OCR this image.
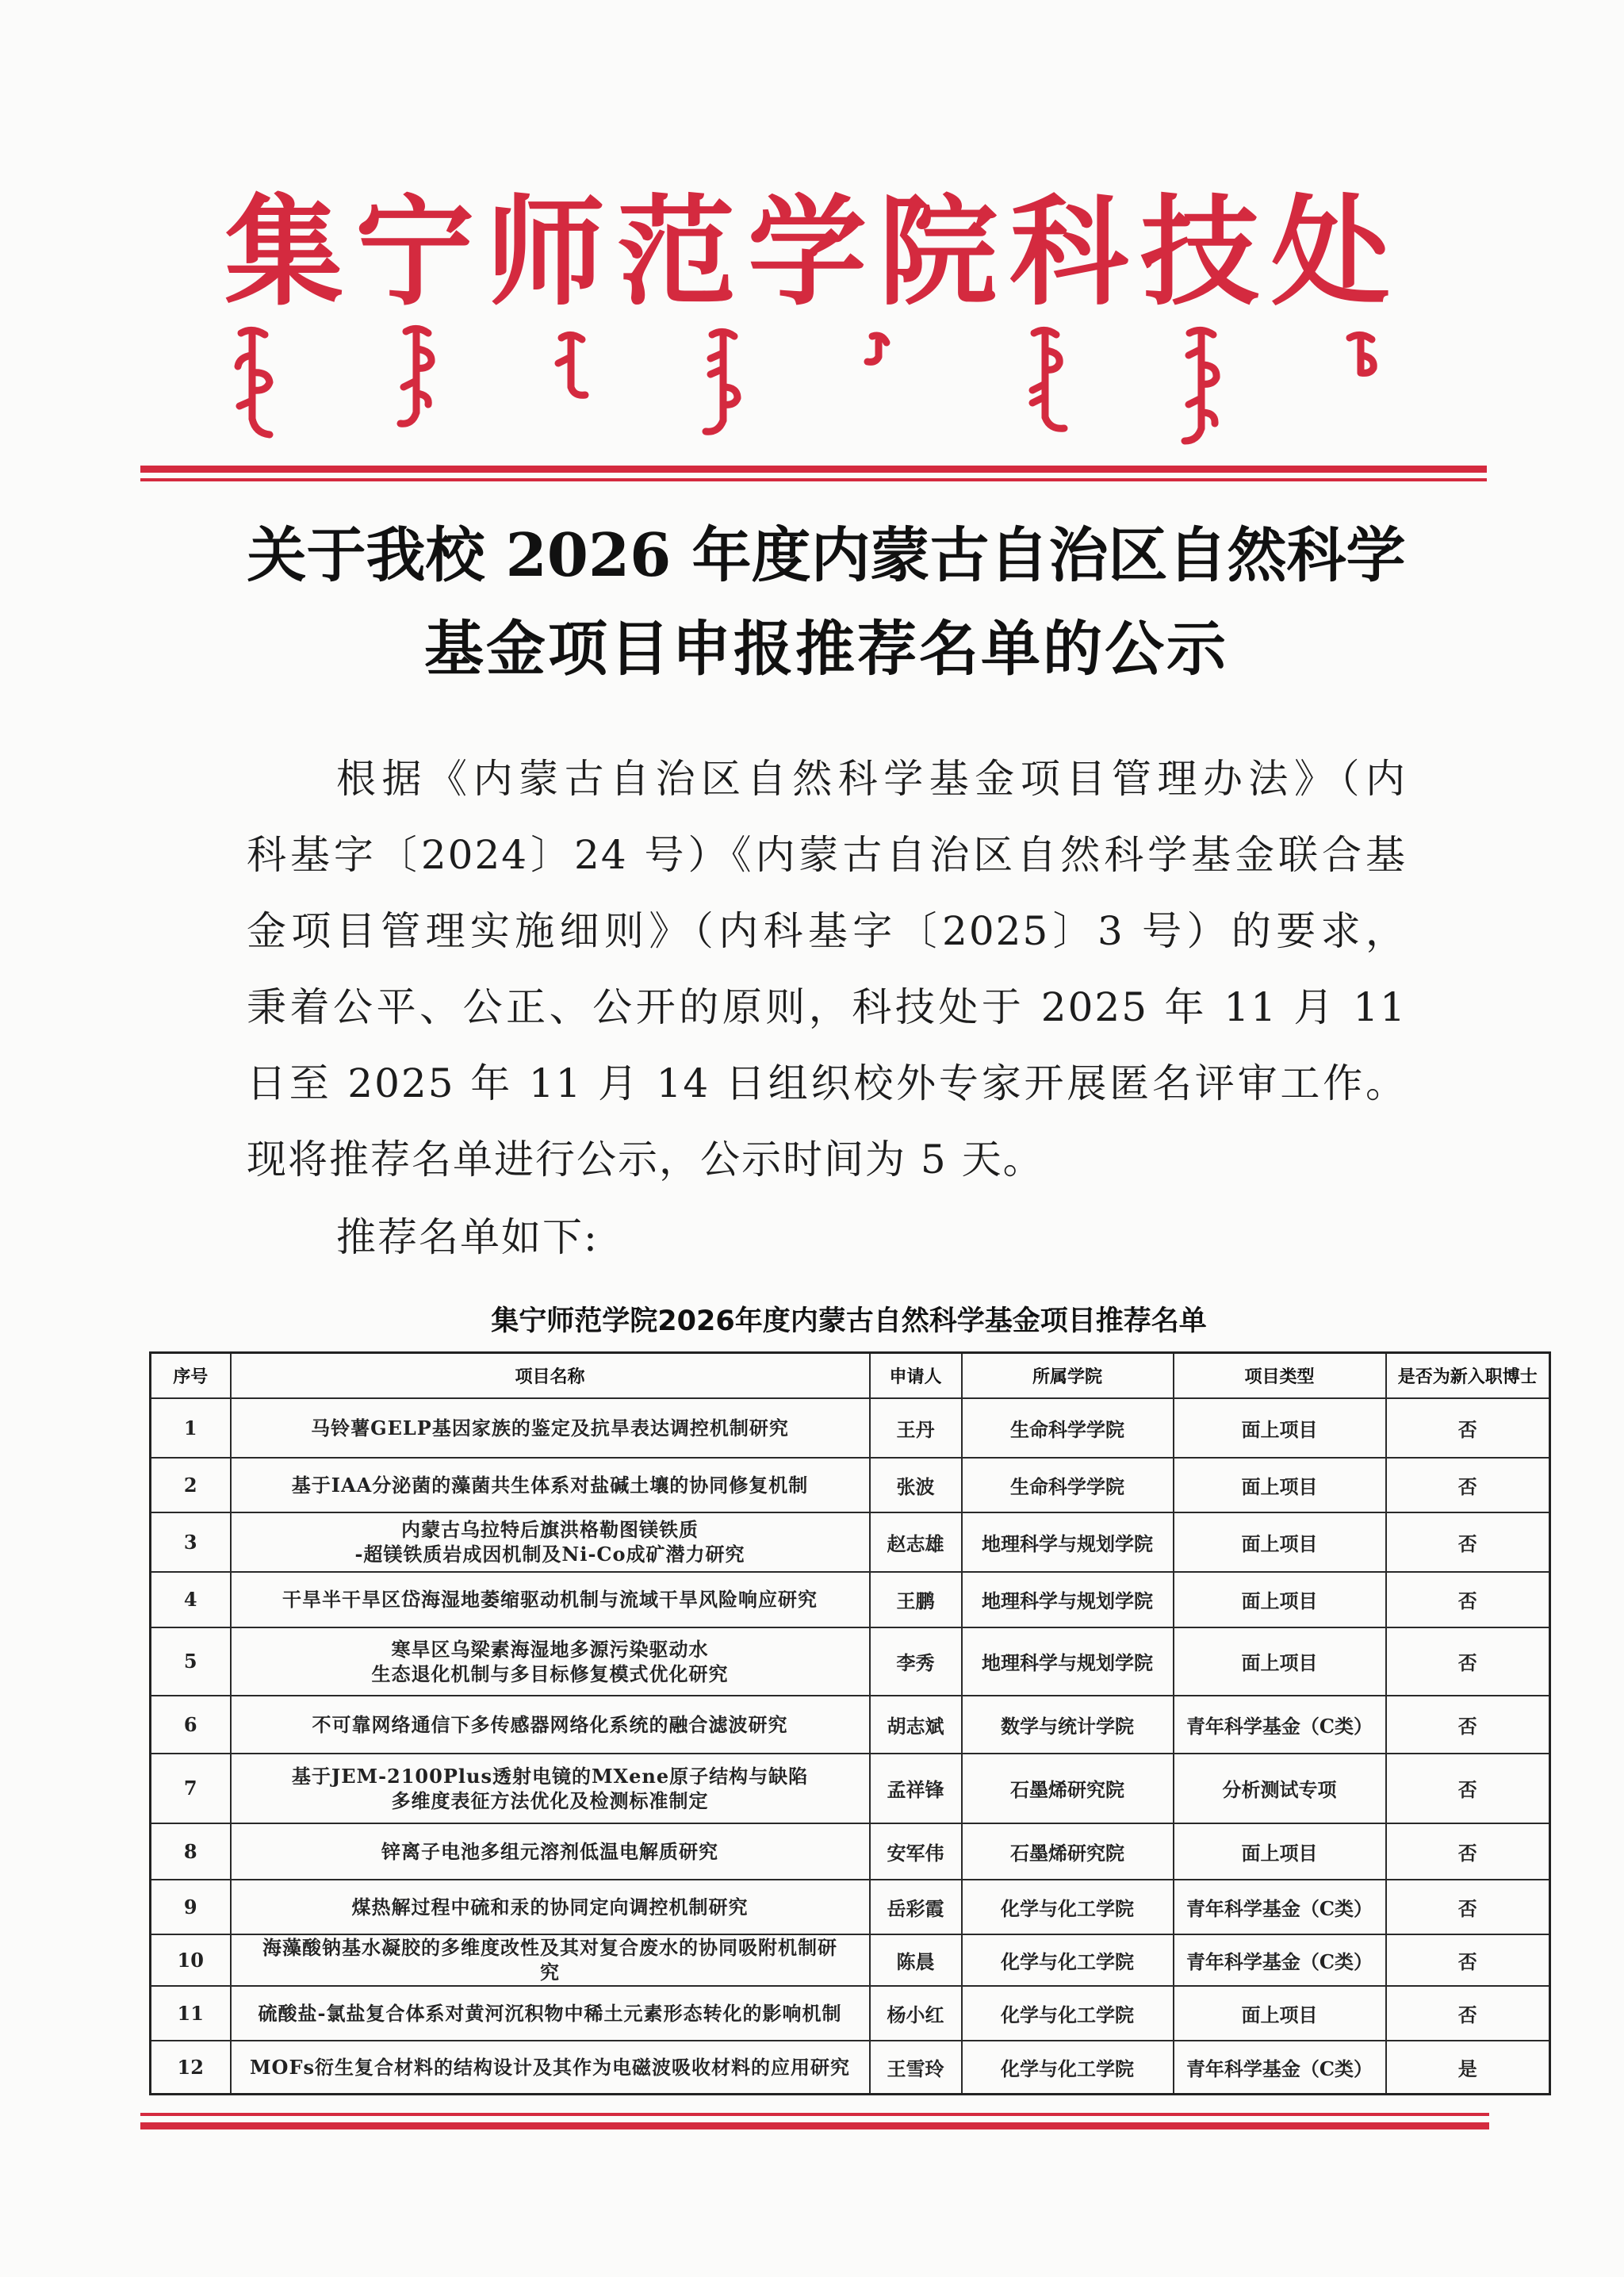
集宁师范学院科技处
关于我校 2026 年度内蒙古自治区自然科学
基金项目申报推荐名单的公示
根据《内蒙古自治区自然科学基金项目管理办法》（内
科基字〔2024〕24 号）《内蒙古自治区自然科学基金联合基
金项目管理实施细则》（内科基字〔2025〕3 号）的要求，
秉着公平、公正、公开的原则，科技处于 2025 年 11 月 11
日至 2025 年 11 月 14 日组织校外专家开展匿名评审工作。
现将推荐名单进行公示，公示时间为 5 天。
推荐名单如下:
集宁师范学院2026年度内蒙古自然科学基金项目推荐名单
序号	项目名称	申请人	所属学院	项目类型	是否为新入职博士
1	马铃薯GELP基因家族的鉴定及抗旱表达调控机制研究	王丹	生命科学学院	面上项目	否
2	基于IAA分泌菌的藻菌共生体系对盐碱土壤的协同修复机制	张波	生命科学学院	面上项目	否
3	内蒙古乌拉特后旗洪格勒图镁铁质
-超镁铁质岩成因机制及Ni-Co成矿潜力研究	赵志雄	地理科学与规划学院	面上项目	否
4	干旱半干旱区岱海湿地萎缩驱动机制与流域干旱风险响应研究	王鹏	地理科学与规划学院	面上项目	否
5	寒旱区乌梁素海湿地多源污染驱动水
生态退化机制与多目标修复模式优化研究	李秀	地理科学与规划学院	面上项目	否
6	不可靠网络通信下多传感器网络化系统的融合滤波研究	胡志斌	数学与统计学院	青年科学基金（C类）	否
7	基于JEM-2100Plus透射电镜的MXene原子结构与缺陷
多维度表征方法优化及检测标准制定	孟祥锋	石墨烯研究院	分析测试专项	否
8	锌离子电池多组元溶剂低温电解质研究	安军伟	石墨烯研究院	面上项目	否
9	煤热解过程中硫和汞的协同定向调控机制研究	岳彩霞	化学与化工学院	青年科学基金（C类）	否
10	海藻酸钠基水凝胶的多维度改性及其对复合废水的协同吸附机制研
究	陈晨	化学与化工学院	青年科学基金（C类）	否
11	硫酸盐-氯盐复合体系对黄河沉积物中稀土元素形态转化的影响机制	杨小红	化学与化工学院	面上项目	否
12	MOFs衍生复合材料的结构设计及其作为电磁波吸收材料的应用研究	王雪玲	化学与化工学院	青年科学基金（C类）	是
